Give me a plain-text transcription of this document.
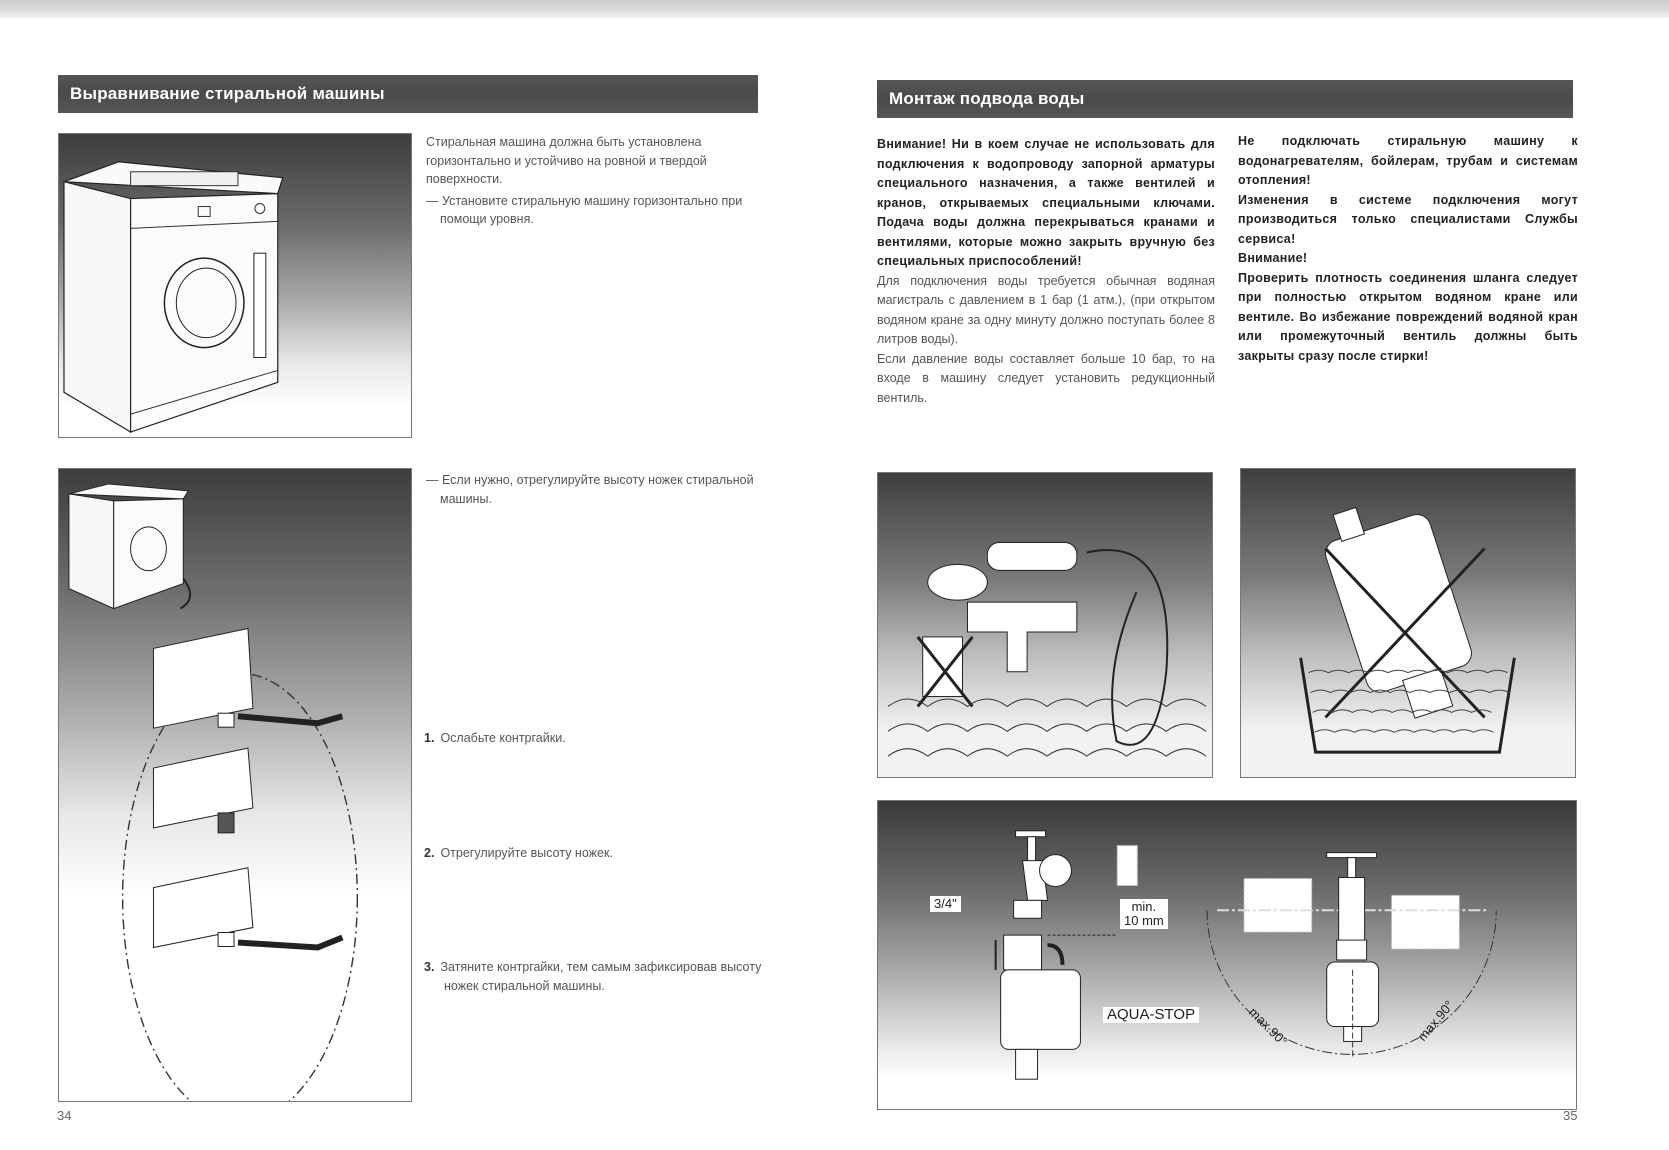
Выравнивание стиральной машины

Стиральная машина должна быть установлена горизонтально и устойчиво на ровной и твердой поверхности.

— Установите стиральную машину горизонтально при помощи уровня.

— Если нужно, отрегулируйте высоту ножек стиральной машины.

1. Ослабьте контргайки.
2. Отрегулируйте высоту ножек.
3. Затяните контргайки, тем самым зафиксировав высоту ножек стиральной машины.
34
Монтаж подвода воды

Внимание! Ни в коем случае не использовать для подключения к водопроводу запорной арматуры специального назначения, а также вентилей и кранов, открываемых специальными ключами. Подача воды должна перекрываться кранами и вентилями, которые можно закрыть вручную без специальных приспособлений!

Для подключения воды требуется обычная водяная магистраль с давлением в 1 бар (1 атм.), (при открытом водяном кране за одну минуту должно поступать более 8 литров воды).

Если давление воды составляет больше 10 бар, то на входе в машину следует установить редукционный вентиль.

Не подключать стиральную машину к водонагревателям, бойлерам, трубам и системам отопления!

Изменения в системе подключения могут производиться только специалистами Службы сервиса!

Внимание!

Проверить плотность соединения шланга следует при полностью открытом водяном кране или вентиле. Во избежание повреждений водяной кран или промежуточный вентиль должны быть закрыты сразу после стирки!

3/4"	min.
10 mm
AQUA-STOP	max.90°	max.90°
35
